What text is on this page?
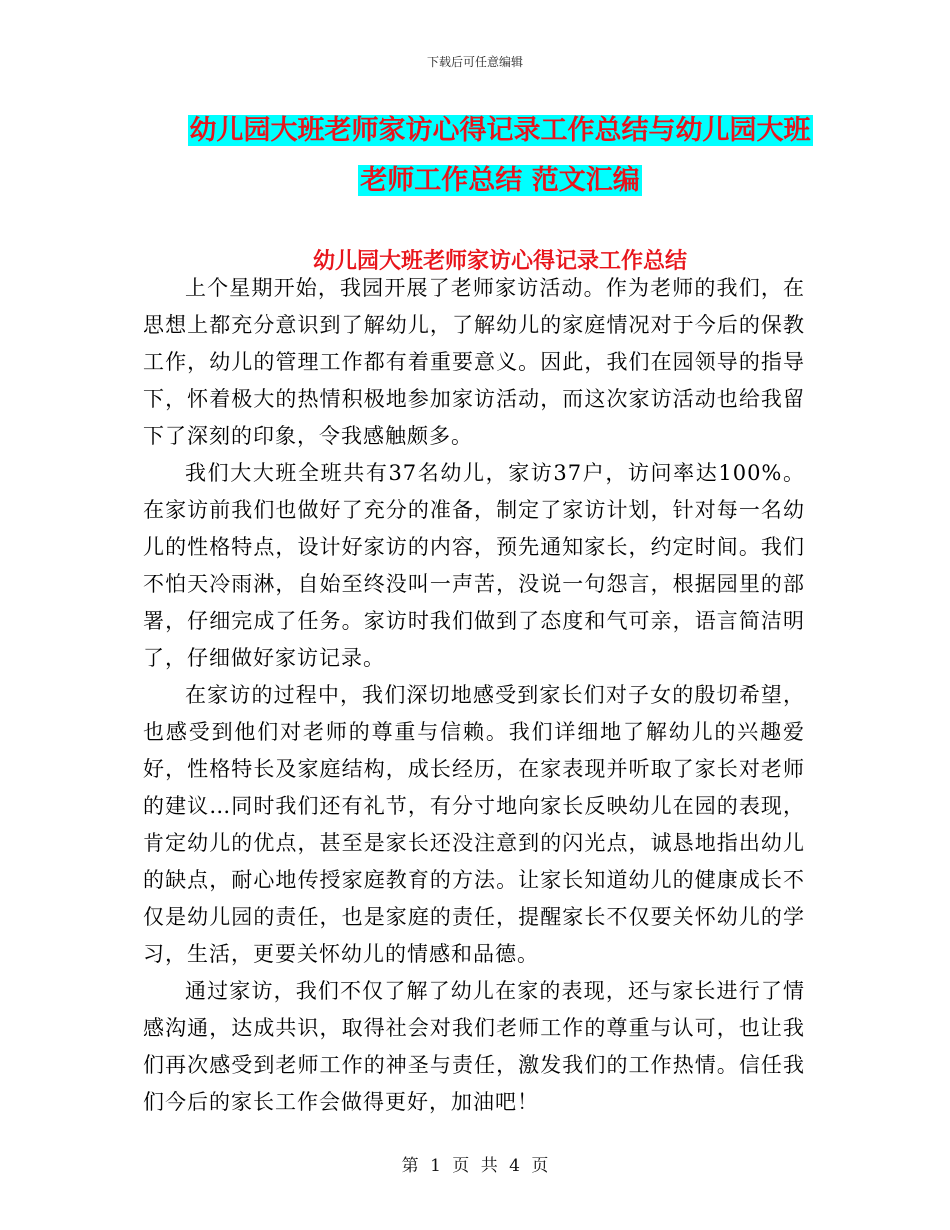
下载后可任意编辑
幼儿园大班老师家访心得记录工作总结与幼儿园大班
老师工作总结 范文汇编
幼儿园大班老师家访心得记录工作总结

上个星期开始，我园开展了老师家访活动。作为老师的我们，在思想上都充分意识到了解幼儿，了解幼儿的家庭情况对于今后的保教工作，幼儿的管理工作都有着重要意义。因此，我们在园领导的指导下，怀着极大的热情积极地参加家访活动，而这次家访活动也给我留下了深刻的印象，令我感触颇多。

我们大大班全班共有37名幼儿，家访37户，访问率达100%。在家访前我们也做好了充分的准备，制定了家访计划，针对每一名幼儿的性格特点，设计好家访的内容，预先通知家长，约定时间。我们不怕天冷雨淋，自始至终没叫一声苦，没说一句怨言，根据园里的部署，仔细完成了任务。家访时我们做到了态度和气可亲，语言简洁明了，仔细做好家访记录。

在家访的过程中，我们深切地感受到家长们对子女的殷切希望，也感受到他们对老师的尊重与信赖。我们详细地了解幼儿的兴趣爱好，性格特长及家庭结构，成长经历，在家表现并听取了家长对老师的建议…同时我们还有礼节，有分寸地向家长反映幼儿在园的表现，肯定幼儿的优点，甚至是家长还没注意到的闪光点，诚恳地指出幼儿的缺点，耐心地传授家庭教育的方法。让家长知道幼儿的健康成长不仅是幼儿园的责任，也是家庭的责任，提醒家长不仅要关怀幼儿的学习，生活，更要关怀幼儿的情感和品德。

通过家访，我们不仅了解了幼儿在家的表现，还与家长进行了情感沟通，达成共识，取得社会对我们老师工作的尊重与认可，也让我们再次感受到老师工作的神圣与责任，激发我们的工作热情。信任我们今后的家长工作会做得更好，加油吧！

第 1 页 共 4 页
